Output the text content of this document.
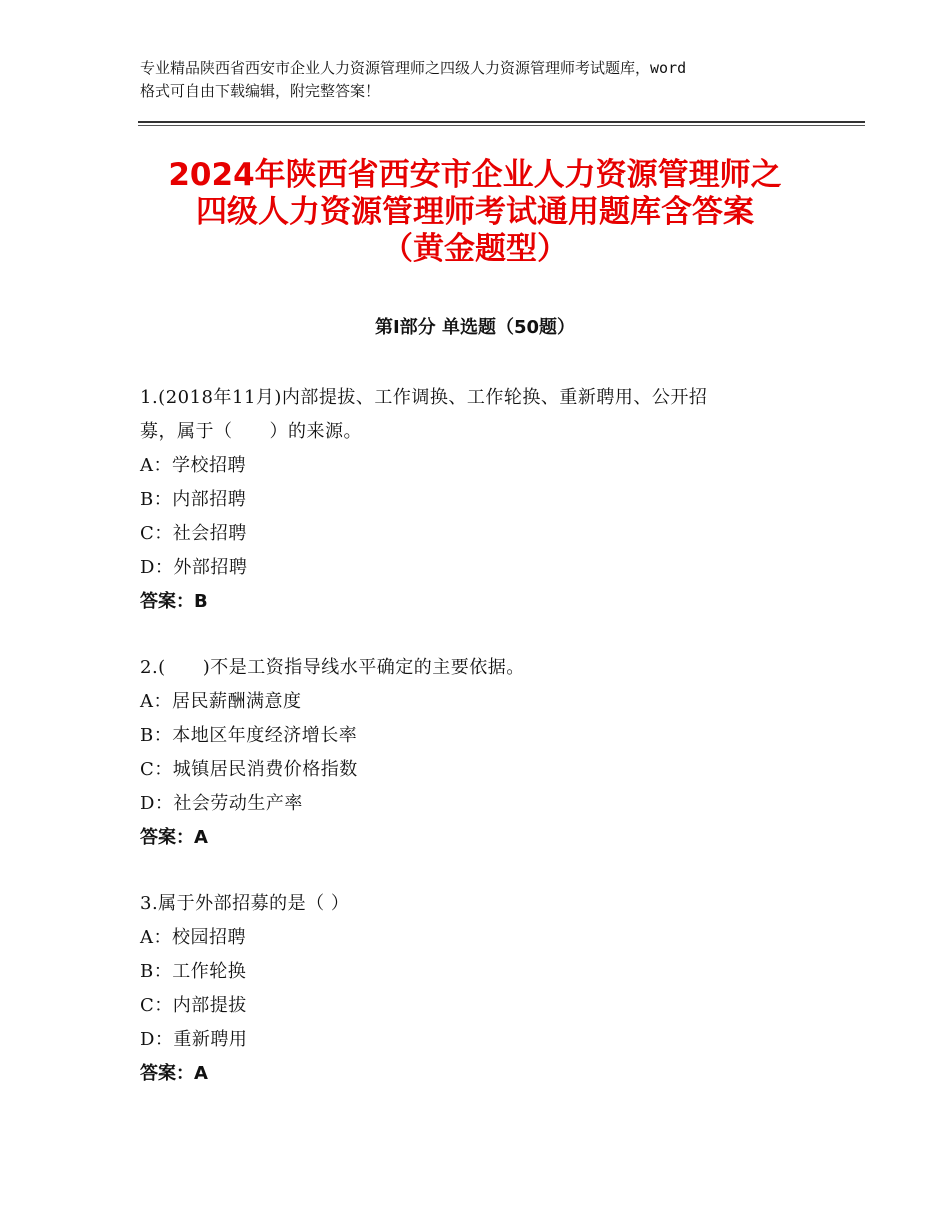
专业精品陕西省西安市企业人力资源管理师之四级人力资源管理师考试题库，word
格式可自由下载编辑，附完整答案！
2024年陕西省西安市企业人力资源管理师之
四级人力资源管理师考试通用题库含答案
（黄金题型）
第Ⅰ部分 单选题（50题）
1.(2018年11月)内部提拔、工作调换、工作轮换、重新聘用、公开招
募，属于（　　）的来源。
A：学校招聘
B：内部招聘
C：社会招聘
D：外部招聘
答案：B
2.(　　)不是工资指导线水平确定的主要依据。
A：居民薪酬满意度
B：本地区年度经济增长率
C：城镇居民消费价格指数
D：社会劳动生产率
答案：A
3.属于外部招募的是（ ）
A：校园招聘
B：工作轮换
C：内部提拔
D：重新聘用
答案：A
